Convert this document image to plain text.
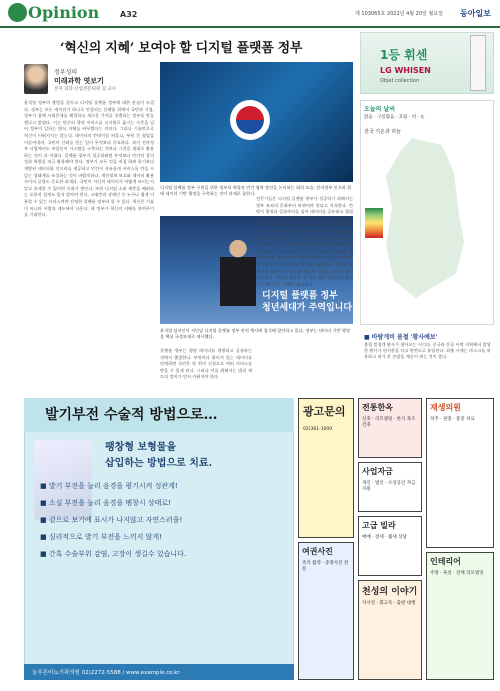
Opinion	A32	제 103065호 2022년 4월 20일 월요일 동아일보
‘혁신의 지혜’ 보여야 할 디지털 플랫폼 정부	1등 휘센
LG WHISEN
Objet collection
정우성의
미래과학 엿보기
본지 과학·산업전문위원 겸 교수
윤석열 정부의 출범을 앞두고 디지털 플랫폼 정부에 대한 관심이 뜨겁다. 정부는 모든 데이터가 하나로 연결되는 플랫폼 위에서 국민과 기업, 정부가 함께 사회문제를 해결하고 새로운 가치를 창출하는 정부를 만들겠다고 밝혔다. 이는 단순히 행정 서비스를 디지털로 옮기는 수준을 넘어 정부의 일하는 방식 자체를 바꾸겠다는 의미다. 그러나 기술만으로 혁신이 이뤄지지는 않는다. 데이터의 칸막이를 허물고, 부처 간 협업을 이끌어내며, 국민의 신뢰를 얻는 일이 무엇보다 중요하다. 과거 전자정부 사업에서도 보았듯이 시스템을 구축하는 것보다 그것을 제대로 활용하는 것이 더 어렵다. 플랫폼 정부가 성공하려면 무엇보다 민간의 창의성과 역량을 적극 활용해야 한다. 정부가 모든 것을 직접 하려 하기보다 개방된 데이터와 인프라를 제공하고 민간이 자유롭게 서비스를 만들 수 있는 생태계를 조성하는 것이 바람직하다. 개인정보 보호와 데이터 활용 사이의 균형도 중요한 과제다. 국민이 자신의 데이터가 어떻게 쓰이는지 알고 통제할 수 있어야 신뢰가 쌓인다. 또한 디지털 소외 계층을 배려하는 포용적 설계도 잊지 말아야 한다. 고령층과 장애인 등 누구나 쉽게 이용할 수 있는 서비스여야 진정한 플랫폼 정부라 할 수 있다. 혁신은 기술이 아니라 사람과 제도에서 나온다. 새 정부가 혁신의 지혜를 보여주기를 기대한다.
디지털 플랫폼 정부 구현을 위한 정부의 역할과 민간 협력 방안을 논의하는 회의 모습. 전자정부 인프라 위에 데이터 기반 행정을 구축하는 것이 과제로 꼽힌다.
디지털 플랫폼 정부
청년세대가 주역입니다.
윤석열 당선인이 지난달 디지털 플랫폼 정부 관련 행사에 참석해 발언하고 있다. 정부는 데이터 기반 행정을 핵심 국정과제로 제시했다.
플랫폼 정부는 행정 데이터를 개방하고 공유하는 것에서 출발한다. 부처마다 흩어져 있는 데이터를 연계하면 국민은 한 번의 신청으로 여러 서비스를 받을 수 있게 된다. 그러나 이를 위해서는 법과 제도의 정비가 먼저 이뤄져야 한다.
전문가들은 디지털 플랫폼 정부가 성공하기 위해서는 정부 조직의 문화부터 바뀌어야 한다고 지적한다. 칸막이 행정과 성과주의를 넘어 데이터를 공유하고 협업하는 문화가 정착돼야 한다는 것이다. 인공지능과 클라우드 등 신기술을 적극 도입하되, 그 과정에서 발생할 수 있는 부작용에도 대비해야 한다. 알고리즘의 편향과 보안 위협, 일자리 변화 등은 정부가 선제적으로 고민해야 할 문제다. 민간 전문가의 참여를 확대하고 공무원의 디지털 역량을 높이는 교육도 병행해야 한다. 플랫폼 정부는 한두 해에 완성되는 사업이 아니다. 장기적인 비전과 일관된 추진이 필요하다. 정권이 바뀌어도 지속될 수 있도록 제도적 기반을 다지는 것이 중요하다. 국민이 체감할 수 있는 작은 성과부터 차근차근 쌓아가는 지혜가 필요하다.
오늘의 날씨
전국 기온과 하늘
맑음 · 구름많음 · 흐림 · 비 · 눈
■ 바람개비 봄철 '황사예보'
봄철 불청객 황사가 찾아오는 시기다. 중국과 몽골 사막 지역에서 발생한 황사가 편서풍을 타고 한반도로 유입된다. 외출 시에는 마스크를 착용하고 귀가 후 손발을 깨끗이 씻는 것이 좋다.
발기부전 수술적 방법으로…
팽창형 보형물을
삽입하는 방법으로 치료.
■ 발기 부전을 늘리 음경을 평기시켜 성관계!
■ 소실 부전을 늘리 음경을 팽창시 상태로!
■ 겉으로 보기에 표시가 나지않고 자연스러움!
■ 심리적으로 발기 부전을 느끼지 않게!
■ 간혹 수술부위 감염, 고장이 생길수 있습니다.
늘푸른비뇨기과의원 02)2272-5588 / www.example.co.kr
광고문의
02)361-1000
전통한옥
신축 · 리모델링 · 한식 목조건축
사업자금
개인 · 법인 · 소상공인 자금지원
여권사진
즉석 촬영 · 증명사진 전문
고급 빌라
매매 · 전세 · 월세 상담
천성의 이야기
자서전 · 회고록 · 출판 대행
재생의원
척추 · 관절 · 통증 치료
인테리어
주방 · 욕실 · 전체 리모델링
